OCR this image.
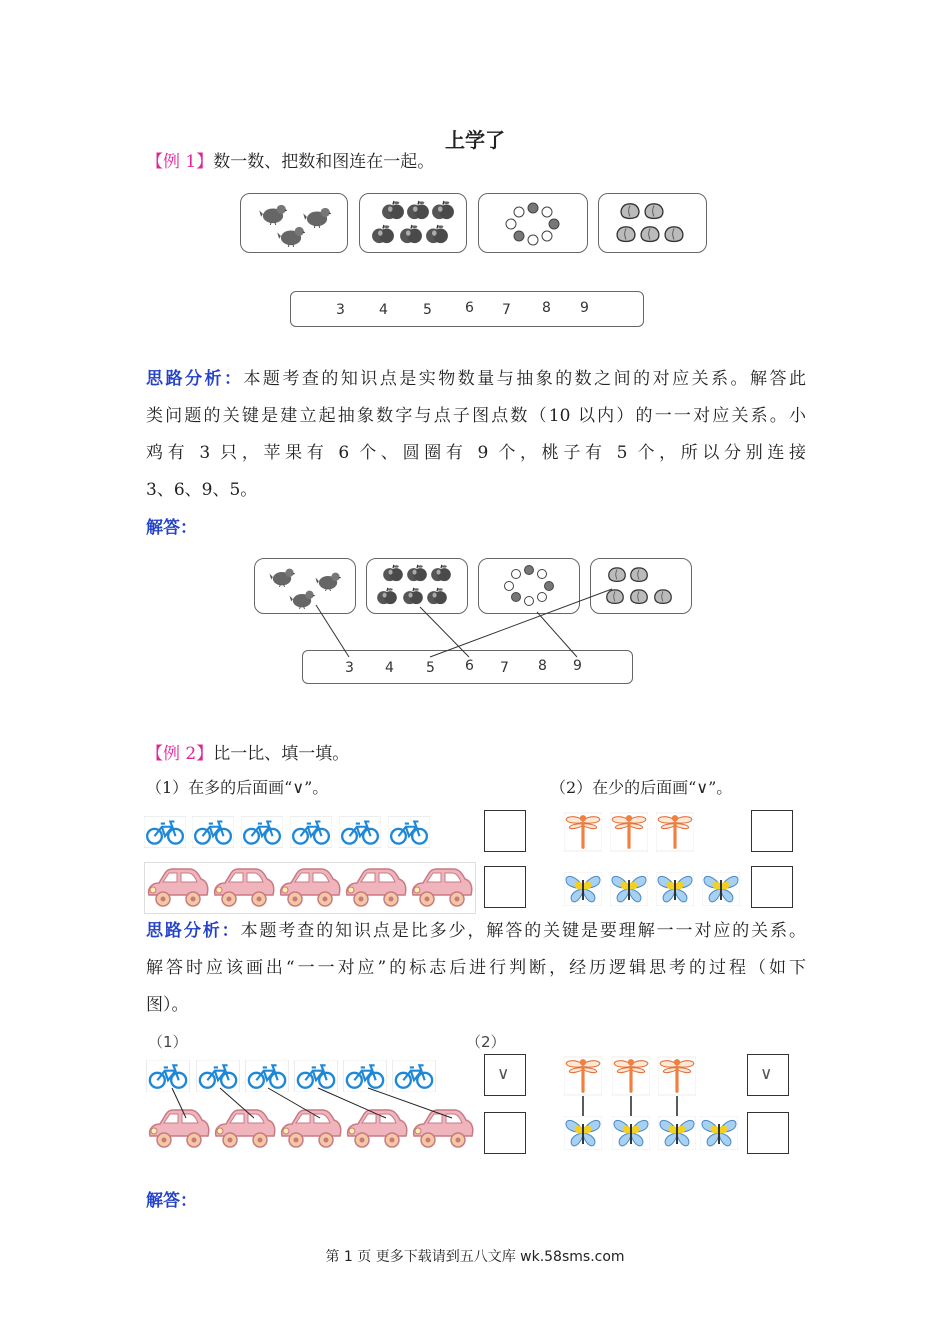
上学了
【例 1】数一数、把数和图连在一起。
3 4	5 6 7 8 9
思路分析：本题考查的知识点是实物数量与抽象的数之间的对应关系。解答此
类问题的关键是建立起抽象数字与点子图点数（10 以内）的一一对应关系。小
鸡有 3 只，苹果有 6 个、圆圈有 9 个，桃子有 5 个，所以分别连接
3、6、9、5。
解答：
3 4 5 6 7 8 9
【例 2】比一比、填一填。
（1）在多的后面画“∨”。	（2）在少的后面画“∨”。
思路分析：本题考查的知识点是比多少，解答的关键是要理解一一对应的关系。
解答时应该画出“一一对应”的标志后进行判断，经历逻辑思考的过程（如下
图）。
（1）	（2）
∨	∨
解答：
第 1 页 更多下载请到五八文库 wk.58sms.com
